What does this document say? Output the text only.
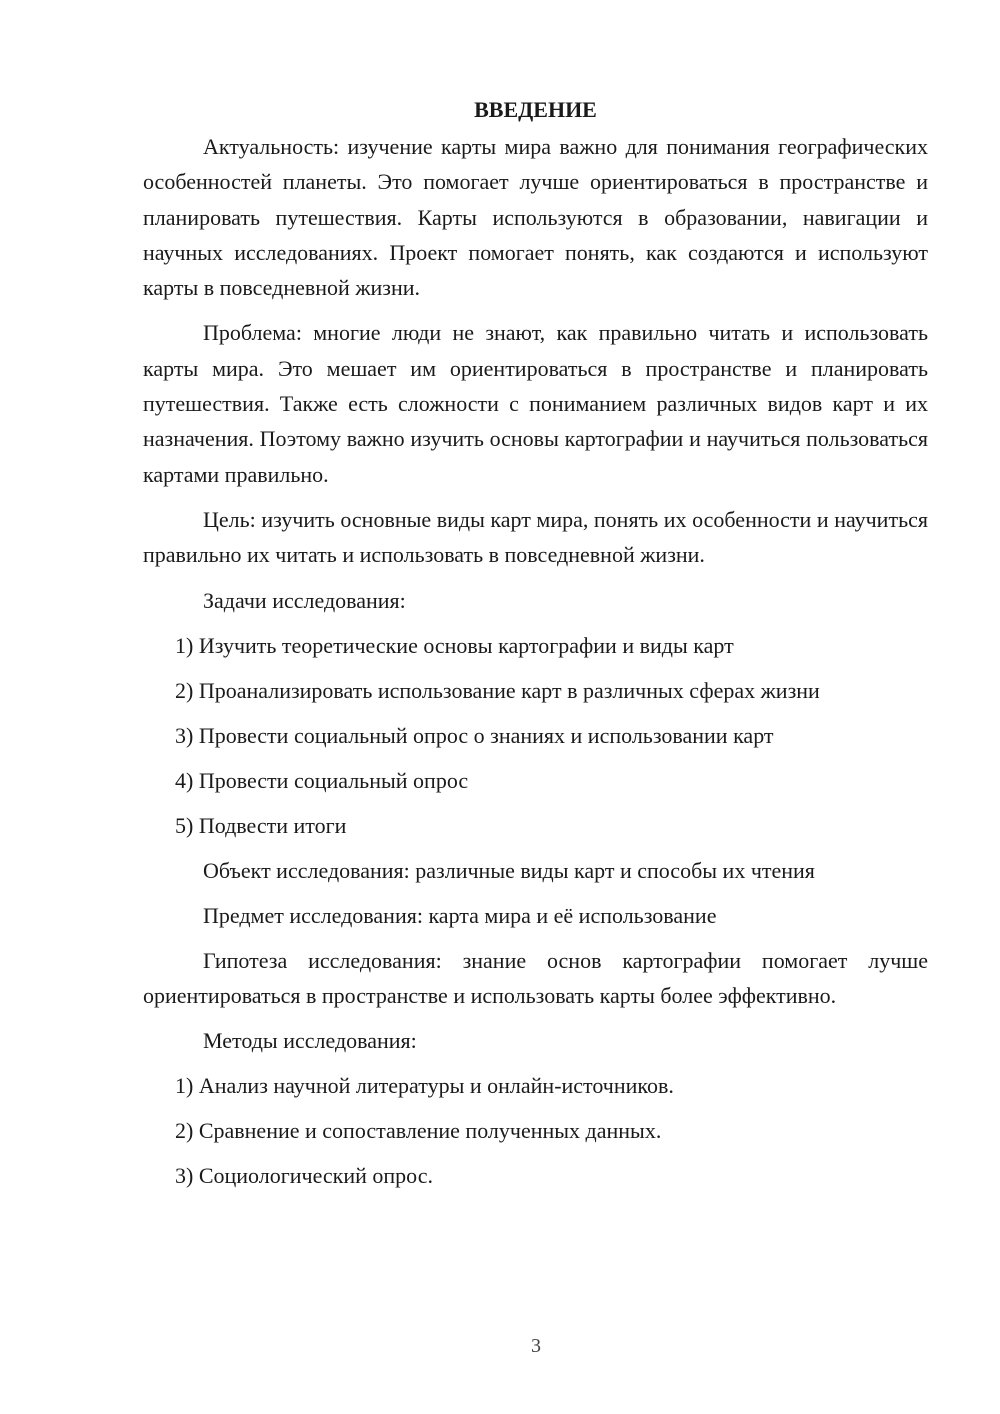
ВВЕДЕНИЕ

Актуальность: изучение карты мира важно для понимания географических особенностей планеты. Это помогает лучше ориентироваться в пространстве и планировать путешествия. Карты используются в образовании, навигации и научных исследованиях. Проект помогает понять, как создаются и используют карты в повседневной жизни.

Проблема: многие люди не знают, как правильно читать и использовать карты мира. Это мешает им ориентироваться в пространстве и планировать путешествия. Также есть сложности с пониманием различных видов карт и их назначения. Поэтому важно изучить основы картографии и научиться пользоваться картами правильно.

Цель: изучить основные виды карт мира, понять их особенности и научиться правильно их читать и использовать в повседневной жизни.

Задачи исследования:
1) Изучить теоретические основы картографии и виды карт
2) Проанализировать использование карт в различных сферах жизни
3) Провести социальный опрос о знаниях и использовании карт
4) Провести социальный опрос
5) Подвести итоги
Объект исследования: различные виды карт и способы их чтения
Предмет исследования: карта мира и её использование

Гипотеза исследования: знание основ картографии помогает лучше ориентироваться в пространстве и использовать карты более эффективно.

Методы исследования:
1) Анализ научной литературы и онлайн-источников.
2) Сравнение и сопоставление полученных данных.
3) Социологический опрос.
3
